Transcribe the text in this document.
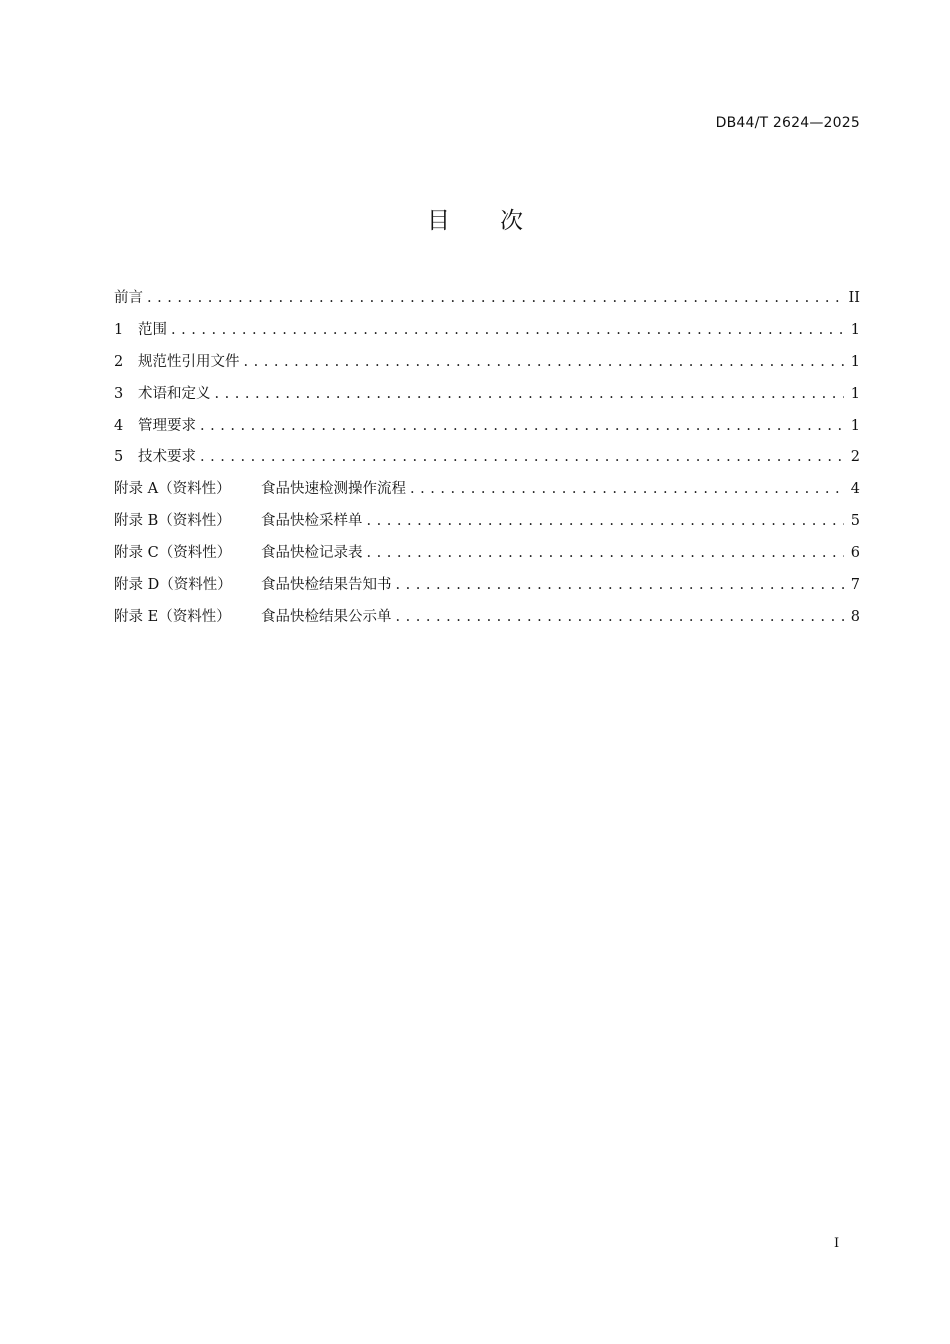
DB44/T 2624—2025
目次
前言 . . .	II
1	范围 . . .	1
2	规范性引用文件 . . .	1
3	术语和定义 . . .	1
4	管理要求 . . .	1
5	技术要求 . . .	2
附录 A（资料性）	食品快速检测操作流程 . . .	4
附录 B（资料性）	食品快检采样单 . . .	5
附录 C（资料性）	食品快检记录表 . . .	6
附录 D（资料性）	食品快检结果告知书 . . .	7
附录 E（资料性）	食品快检结果公示单 . . .	8
I
